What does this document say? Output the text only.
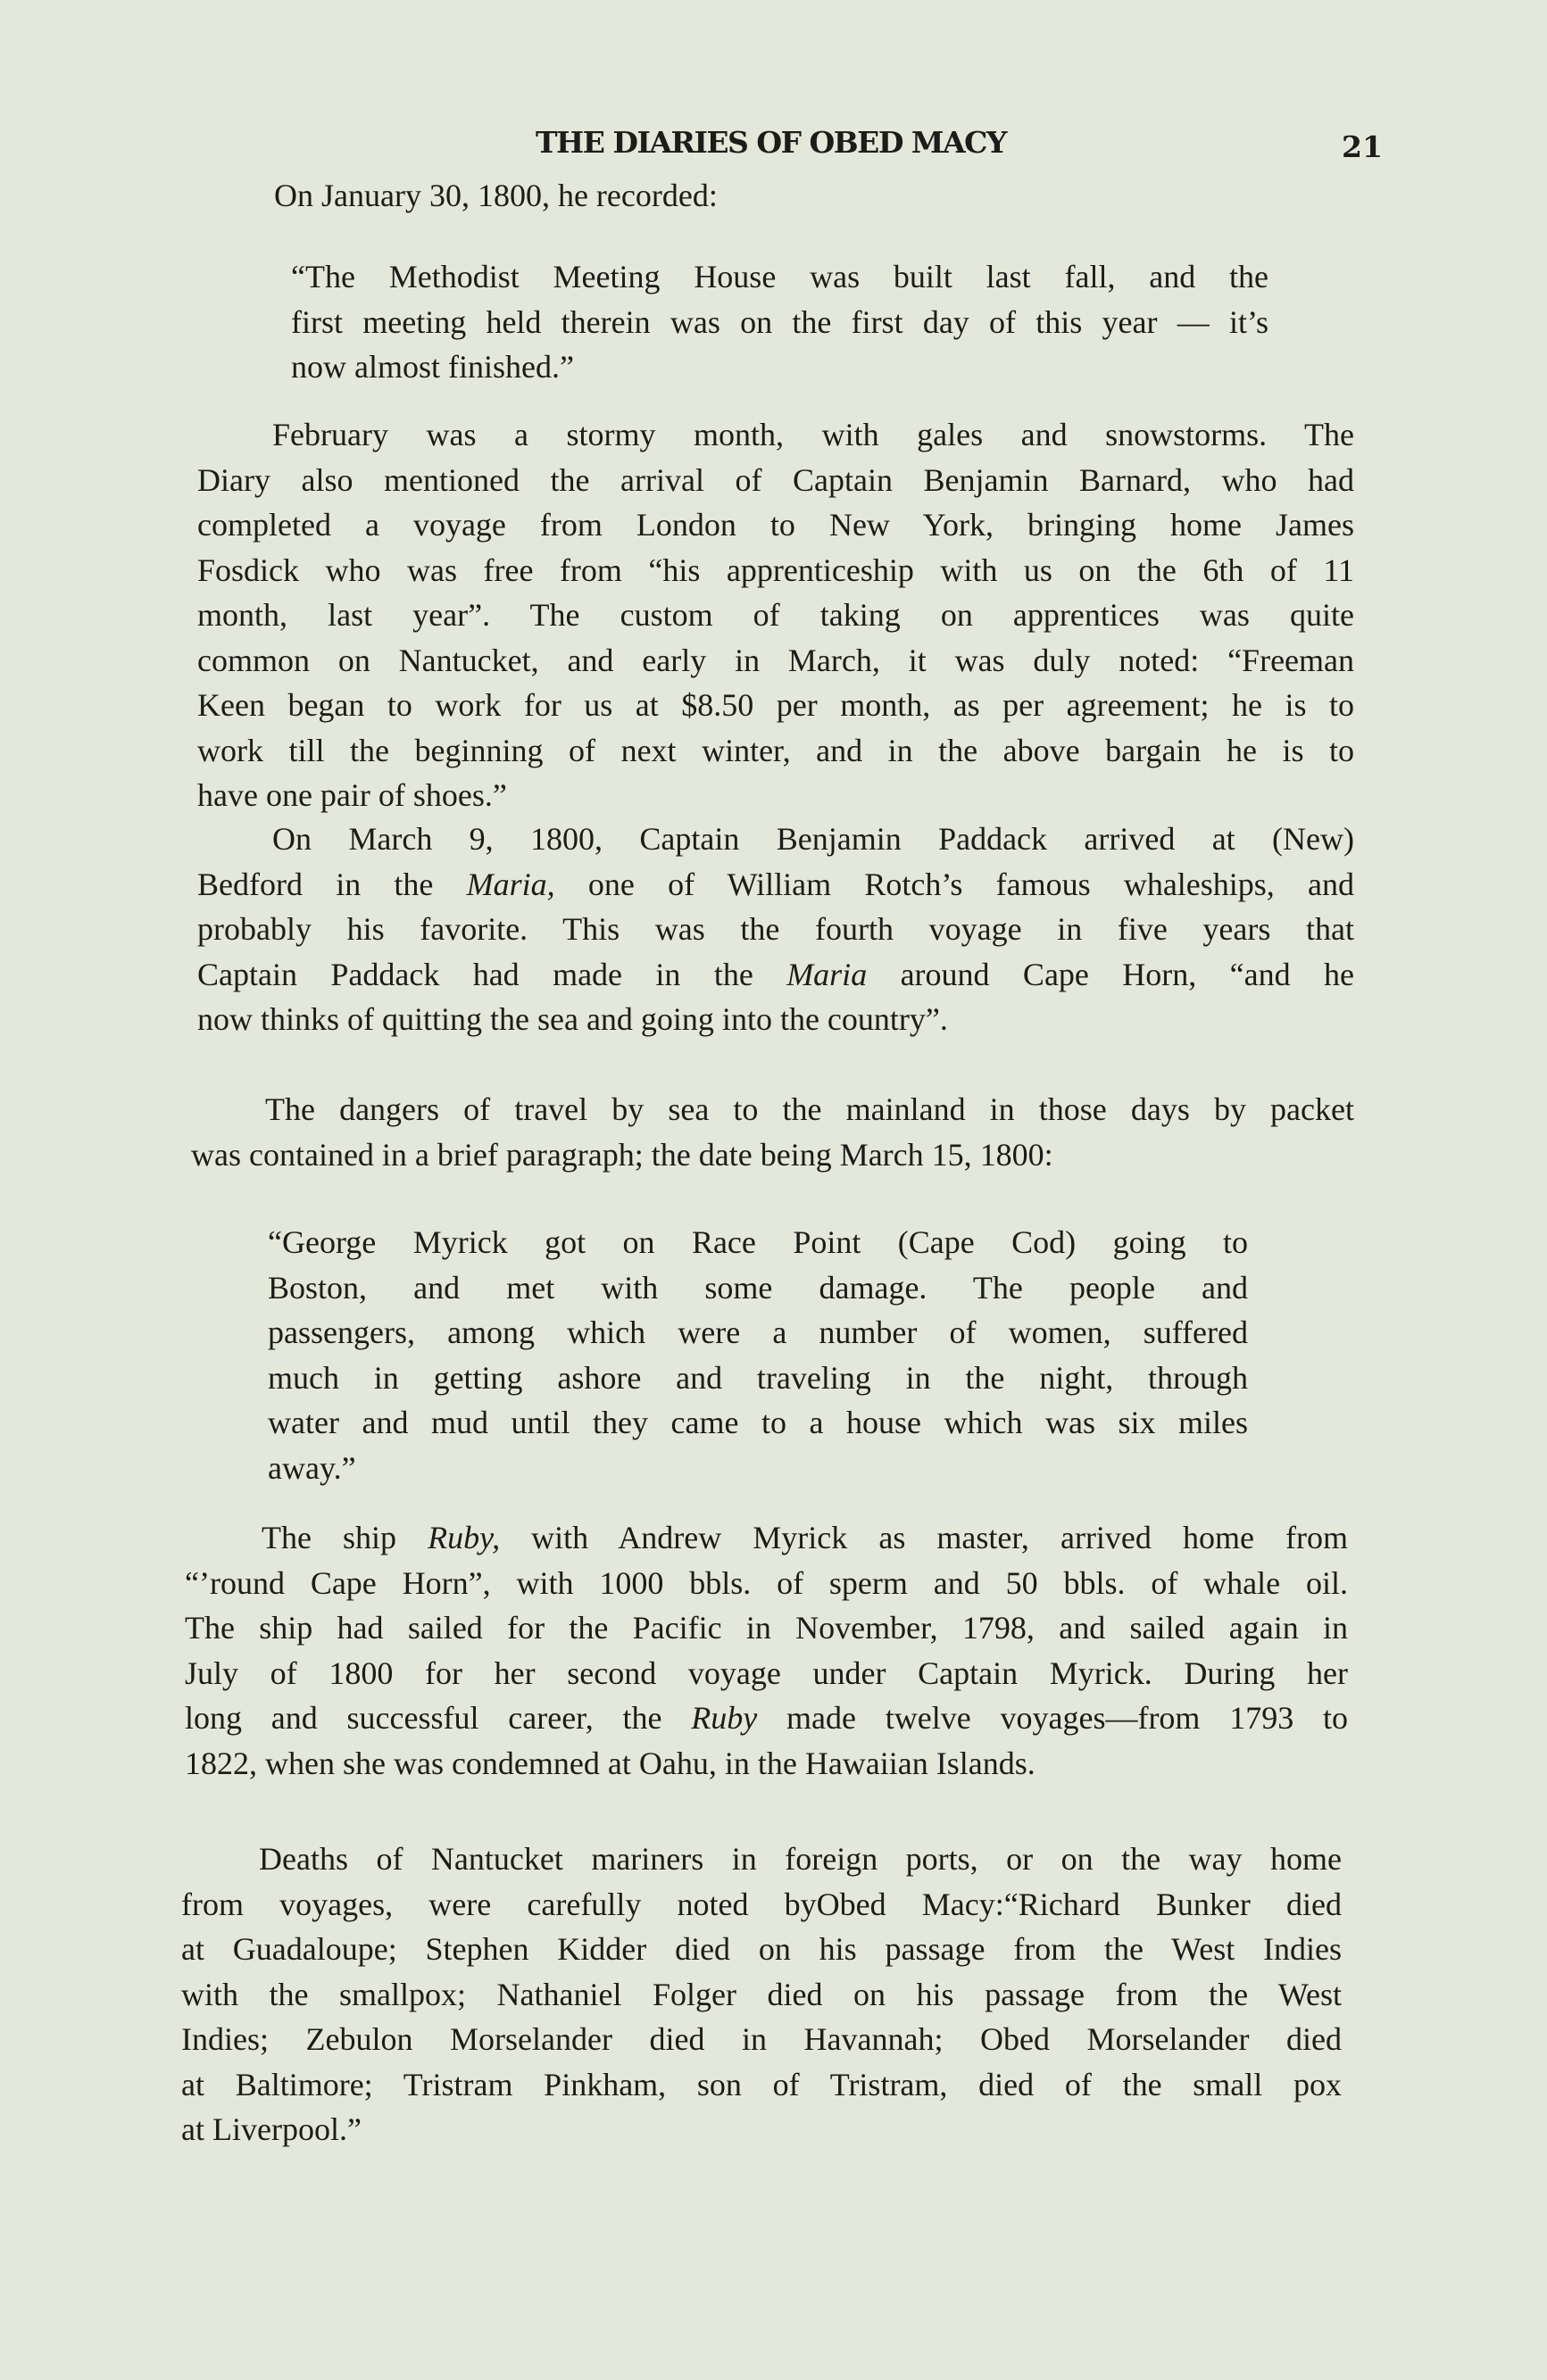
THE DIARIES OF OBED MACY	21
On January 30, 1800, he recorded:
“The Methodist Meeting House was built last fall, and the
first meeting held therein was on the first day of this year — it’s
now almost finished.”
February was a stormy month, with gales and snowstorms. The
Diary also mentioned the arrival of Captain Benjamin Barnard, who had
completed a voyage from London to New York, bringing home James
Fosdick who was free from “his apprenticeship with us on the 6th of 11
month, last year”. The custom of taking on apprentices was quite
common on Nantucket, and early in March, it was duly noted: “Freeman
Keen began to work for us at $8.50 per month, as per agreement; he is to
work till the beginning of next winter, and in the above bargain he is to
have one pair of shoes.”
On March 9, 1800, Captain Benjamin Paddack arrived at (New)
Bedford in the Maria, one of William Rotch’s famous whaleships, and
probably his favorite. This was the fourth voyage in five years that
Captain Paddack had made in the Maria around Cape Horn, “and he
now thinks of quitting the sea and going into the country”.
The dangers of travel by sea to the mainland in those days by packet
was contained in a brief paragraph; the date being March 15, 1800:
“George Myrick got on Race Point (Cape Cod) going to
Boston, and met with some damage. The people and
passengers, among which were a number of women, suffered
much in getting ashore and traveling in the night, through
water and mud until they came to a house which was six miles
away.”
The ship Ruby, with Andrew Myrick as master, arrived home from
“’round Cape Horn”, with 1000 bbls. of sperm and 50 bbls. of whale oil.
The ship had sailed for the Pacific in November, 1798, and sailed again in
July of 1800 for her second voyage under Captain Myrick. During her
long and successful career, the Ruby made twelve voyages—from 1793 to
1822, when she was condemned at Oahu, in the Hawaiian Islands.
Deaths of Nantucket mariners in foreign ports, or on the way home
from voyages, were carefully noted byObed Macy:“Richard Bunker died
at Guadaloupe; Stephen Kidder died on his passage from the West Indies
with the smallpox; Nathaniel Folger died on his passage from the West
Indies; Zebulon Morselander died in Havannah; Obed Morselander died
at Baltimore; Tristram Pinkham, son of Tristram, died of the small pox
at Liverpool.”
